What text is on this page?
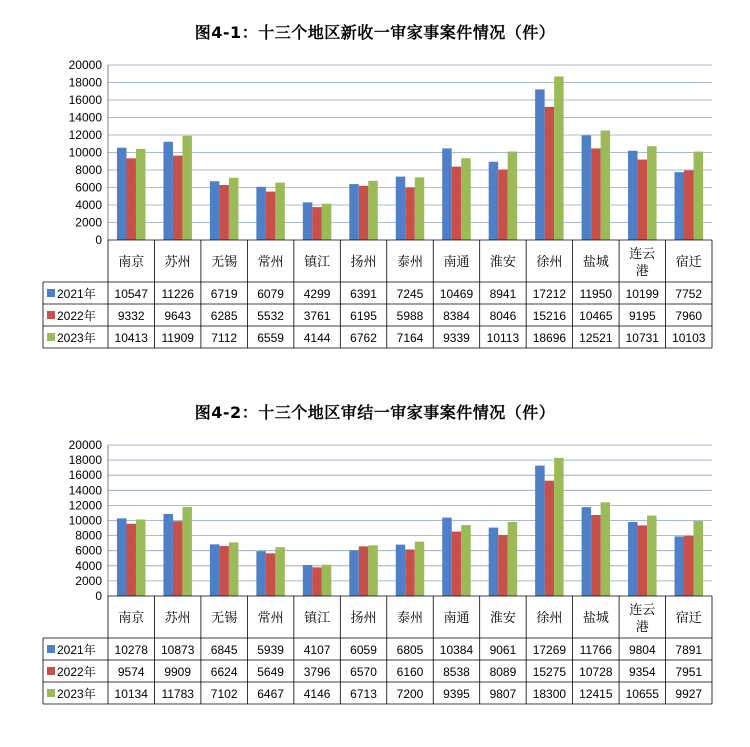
图4-1：十三个地区新收一审家事案件情况（件）
0
2000
4000
6000
8000
10000
12000
14000
16000
18000
20000
南京 苏州 无锡 常州 镇江 扬州 泰州 南通 淮安 徐州 盐城
连云
港
宿迁
2021年 10547 11226 6719 6079 4299 6391 7245 10469 8941 17212 11950 10199 7752
2022年 9332 9643 6285 5532 3761 6195 5988 8384 8046 15216 10465 9195 7960
2023年 10413 11909 7112 6559 4144 6762 7164 9339 10113 18696 12521 10731 10103
图4-2：十三个地区审结一审家事案件情况（件）
0
2000
4000
6000
8000
10000
12000
14000
16000
18000
20000
南京 苏州 无锡 常州 镇江 扬州 泰州 南通 淮安 徐州 盐城
连云
港
宿迁
2021年 10278 10873 6845 5939 4107 6059 6805 10384 9061 17269 11766 9804 7891
2022年 9574 9909 6624 5649 3796 6570 6160 8538 8089 15275 10728 9354 7951
2023年 10134 11783 7102 6467 4146 6713 7200 9395 9807 18300 12415 10655 9927
